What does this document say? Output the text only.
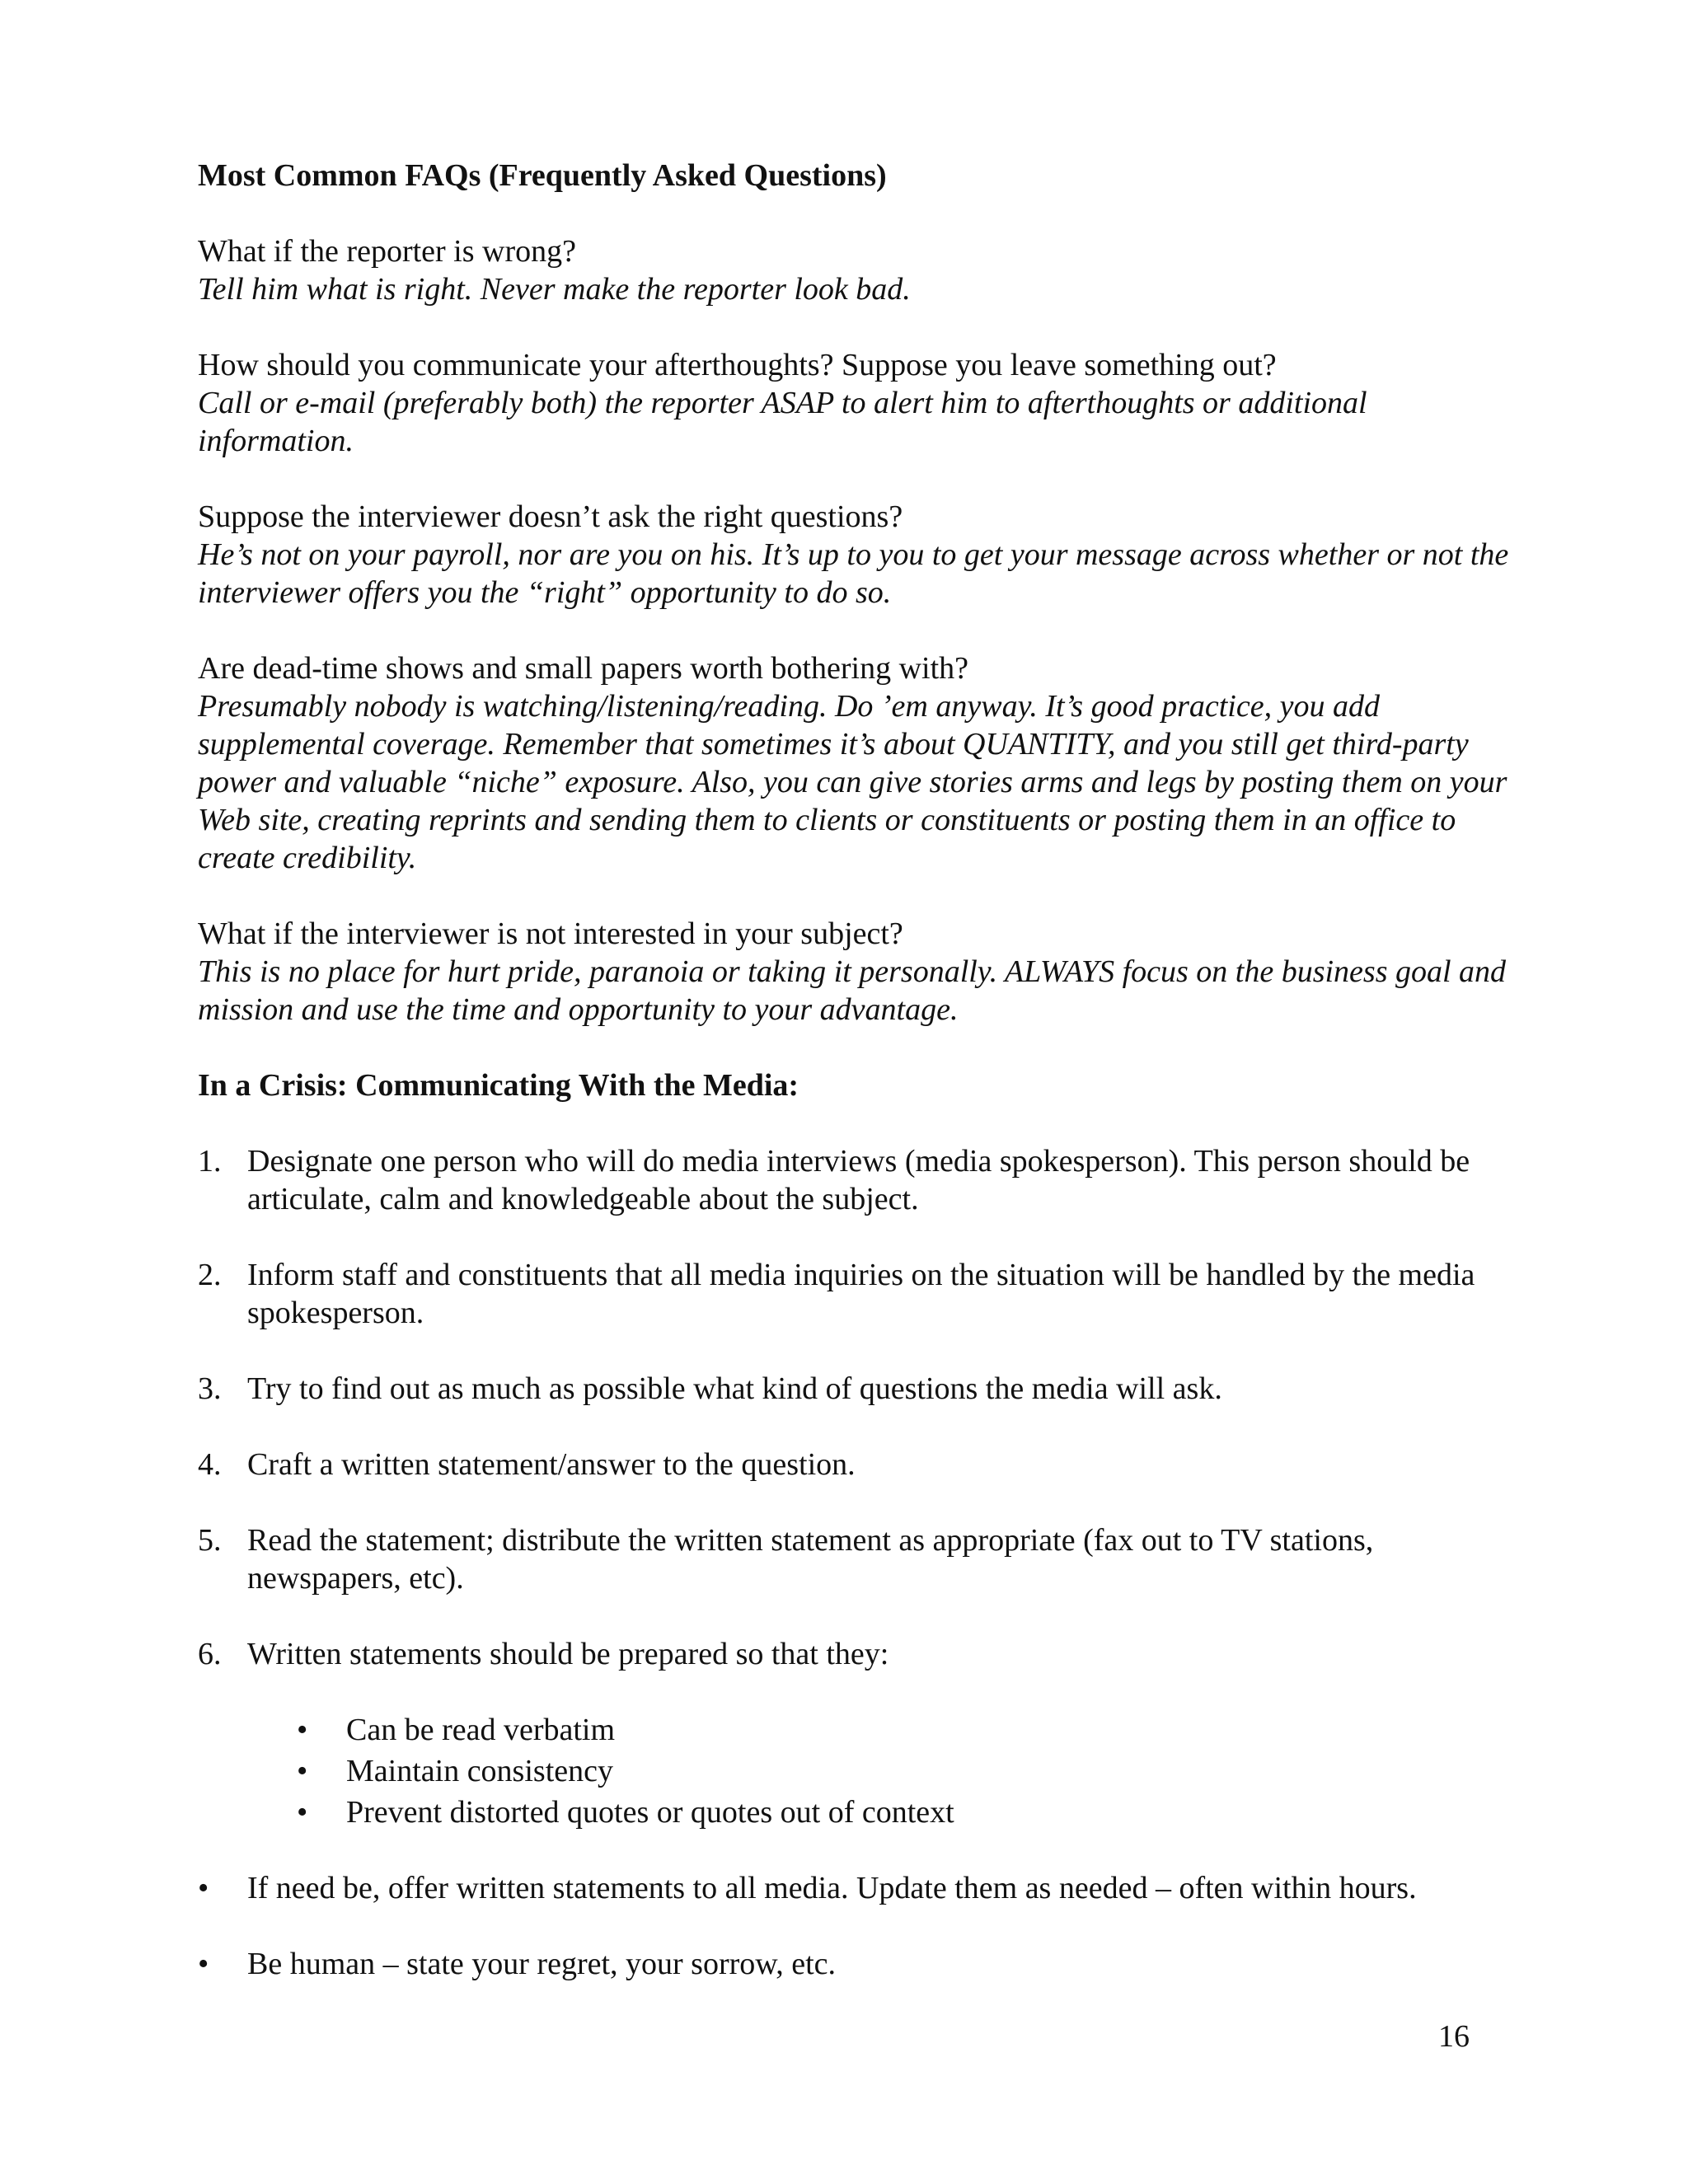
Most Common FAQs (Frequently Asked Questions)
What if the reporter is wrong?
Tell him what is right. Never make the reporter look bad.
How should you communicate your afterthoughts? Suppose you leave something out?
Call or e-mail (preferably both) the reporter ASAP to alert him to afterthoughts or additional information.
Suppose the interviewer doesn’t ask the right questions?
He’s not on your payroll, nor are you on his. It’s up to you to get your message across whether or not the interviewer offers you the “right” opportunity to do so.
Are dead-time shows and small papers worth bothering with?
Presumably nobody is watching/listening/reading. Do ’em anyway. It’s good practice, you add supplemental coverage. Remember that sometimes it’s about QUANTITY, and you still get third-party power and valuable “niche” exposure. Also, you can give stories arms and legs by posting them on your Web site, creating reprints and sending them to clients or constituents or posting them in an office to create credibility.
What if the interviewer is not interested in your subject?
This is no place for hurt pride, paranoia or taking it personally. ALWAYS focus on the business goal and mission and use the time and opportunity to your advantage.
In a Crisis: Communicating With the Media:
1. Designate one person who will do media interviews (media spokesperson). This person should be articulate, calm and knowledgeable about the subject.
2. Inform staff and constituents that all media inquiries on the situation will be handled by the media spokesperson.
3. Try to find out as much as possible what kind of questions the media will ask.
4. Craft a written statement/answer to the question.
5. Read the statement; distribute the written statement as appropriate (fax out to TV stations, newspapers, etc).
6. Written statements should be prepared so that they:
• Can be read verbatim
• Maintain consistency
• Prevent distorted quotes or quotes out of context
• If need be, offer written statements to all media. Update them as needed – often within hours.
• Be human – state your regret, your sorrow, etc.
16
